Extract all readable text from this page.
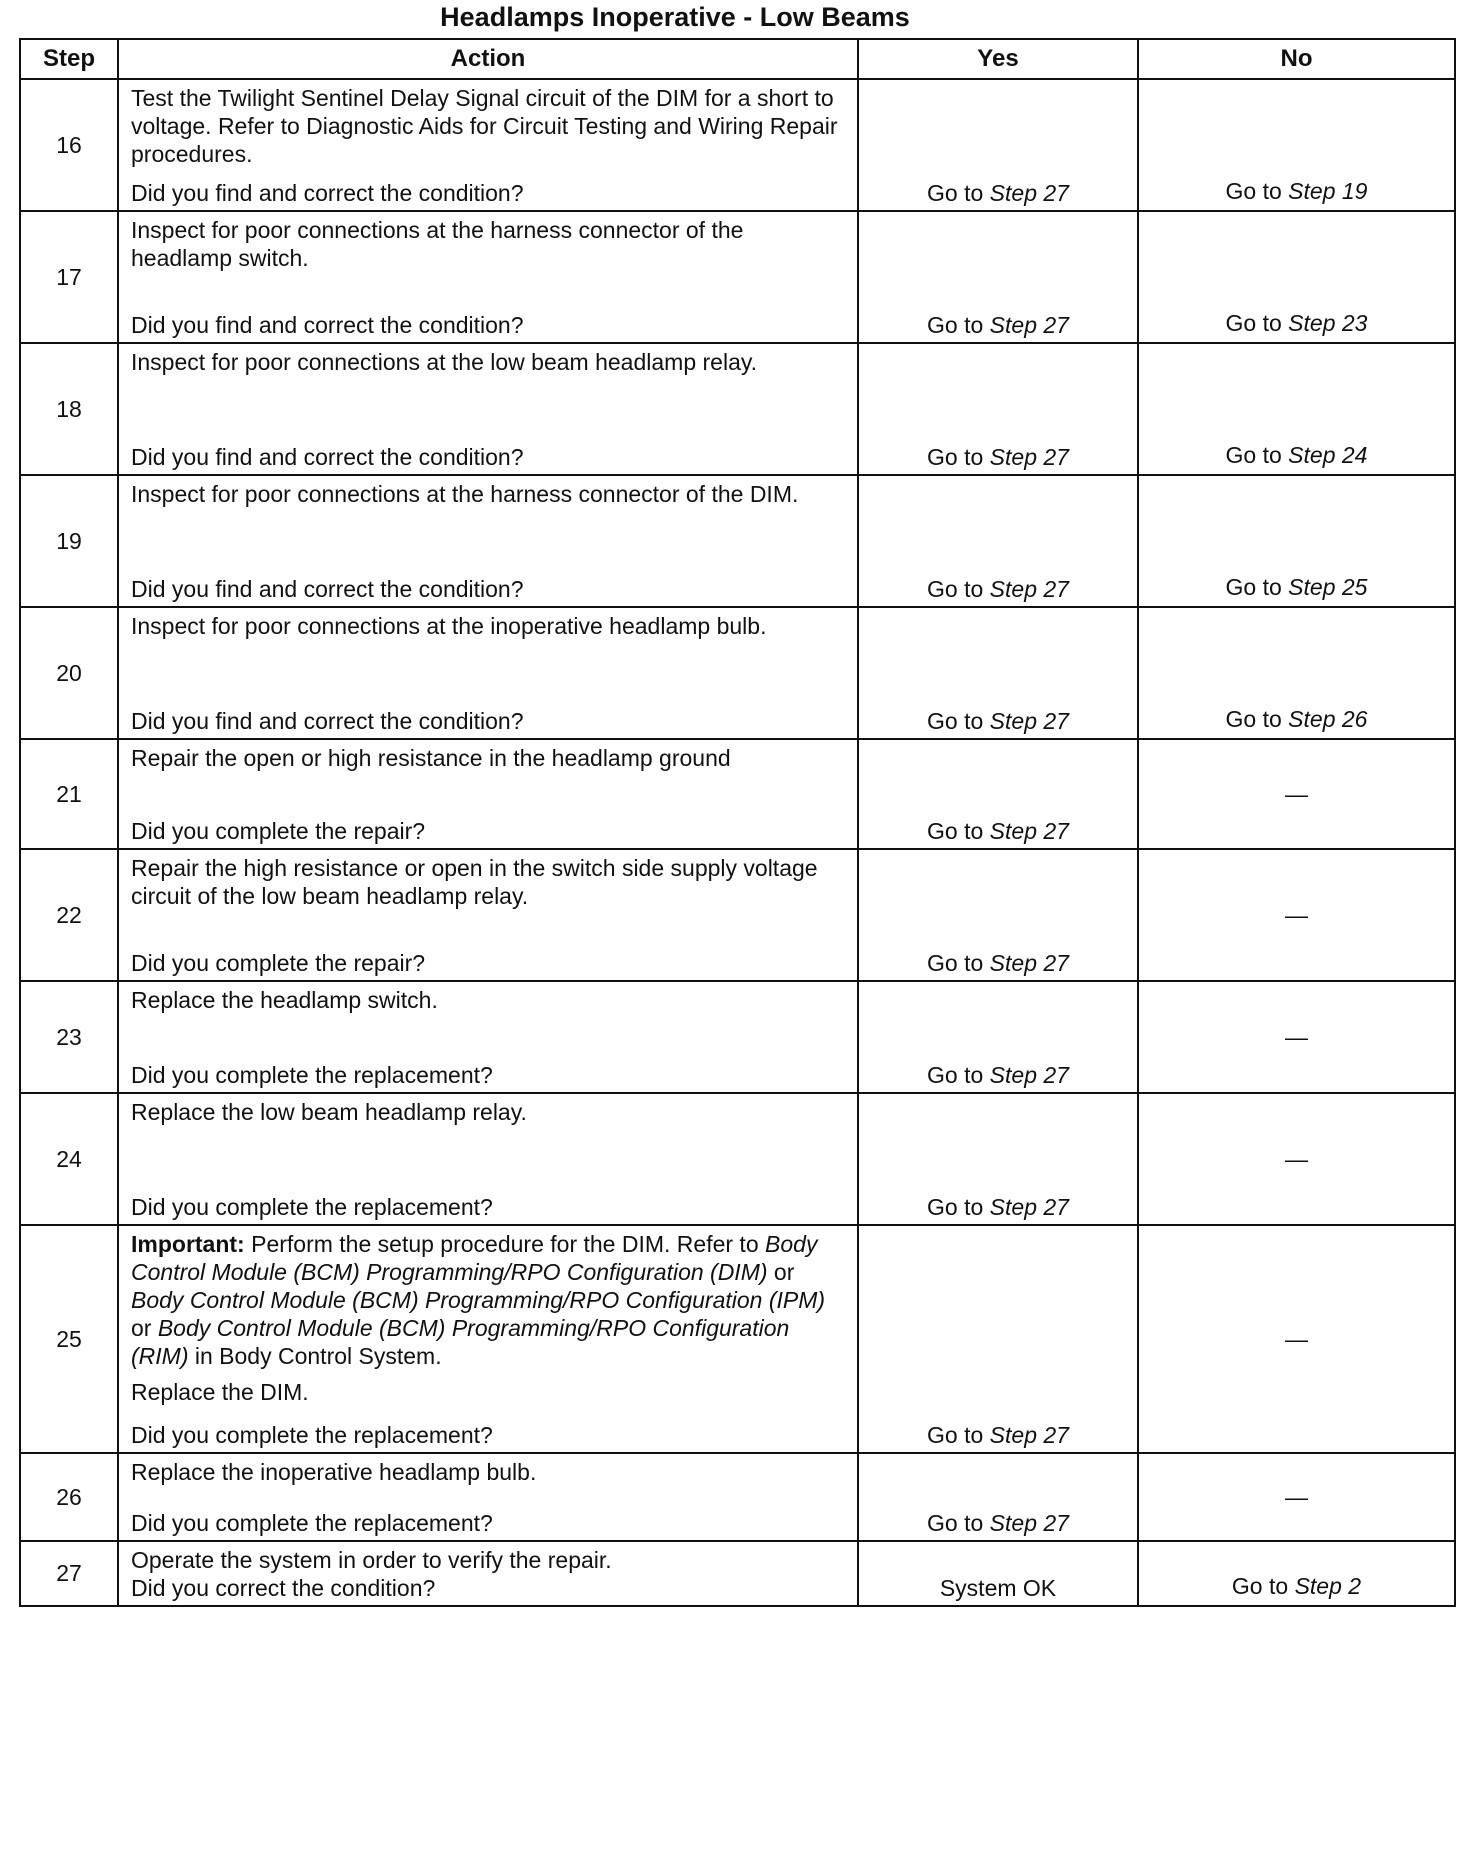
Headlamps Inoperative - Low Beams
Step	Action	Yes	No
16	Test the Twilight Sentinel Delay Signal circuit of the DIM for a short to voltage. Refer to Diagnostic Aids for Circuit Testing and Wiring Repair procedures.

Did you find and correct the condition?	Go to Step 27	Go to Step 19

17	Inspect for poor connections at the harness connector of the headlamp switch.

Did you find and correct the condition?	Go to Step 27	Go to Step 23

18	Inspect for poor connections at the low beam headlamp relay.

Did you find and correct the condition?	Go to Step 27	Go to Step 24

19	Inspect for poor connections at the harness connector of the DIM.

Did you find and correct the condition?	Go to Step 27	Go to Step 25

20	Inspect for poor connections at the inoperative headlamp bulb.

Did you find and correct the condition?	Go to Step 27	Go to Step 26

21	Repair the open or high resistance in the headlamp ground

Did you complete the repair?	Go to Step 27	—

22	Repair the high resistance or open in the switch side supply voltage circuit of the low beam headlamp relay.

Did you complete the repair?	Go to Step 27	—

23	Replace the headlamp switch.

Did you complete the replacement?	Go to Step 27	—

24	Replace the low beam headlamp relay.

Did you complete the replacement?	Go to Step 27	—

25	Important: Perform the setup procedure for the DIM. Refer to Body Control Module (BCM) Programming/RPO Configuration (DIM) or Body Control Module (BCM) Programming/RPO Configuration (IPM) or Body Control Module (BCM) Programming/RPO Configuration (RIM) in Body Control System.

Replace the DIM.

Did you complete the replacement?	Go to Step 27	—

26	Replace the inoperative headlamp bulb.

Did you complete the replacement?	Go to Step 27	—

27	Operate the system in order to verify the repair.

Did you correct the condition?	System OK	Go to Step 2
